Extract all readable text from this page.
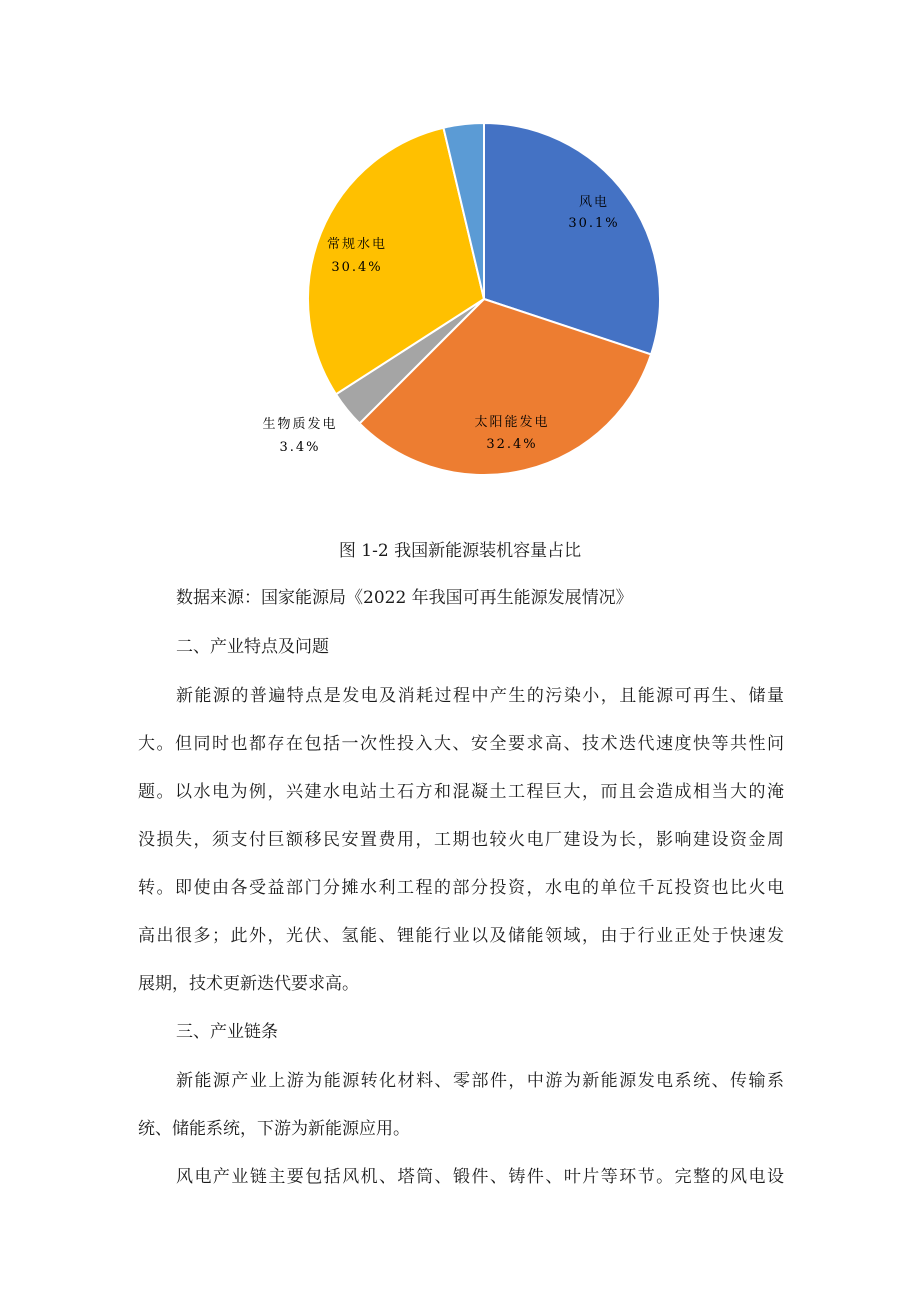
风电
30.1%
太阳能发电
32.4%
生物质发电
3.4%
常规水电
30.4%
图 1-2 我国新能源装机容量占比
数据来源：国家能源局《2022 年我国可再生能源发展情况》
二、产业特点及问题
新能源的普遍特点是发电及消耗过程中产生的污染小，且能源可再生、储量
大。但同时也都存在包括一次性投入大、安全要求高、技术迭代速度快等共性问
题。以水电为例，兴建水电站土石方和混凝土工程巨大，而且会造成相当大的淹
没损失，须支付巨额移民安置费用，工期也较火电厂建设为长，影响建设资金周
转。即使由各受益部门分摊水利工程的部分投资，水电的单位千瓦投资也比火电
高出很多；此外，光伏、氢能、锂能行业以及储能领域，由于行业正处于快速发
展期，技术更新迭代要求高。
三、产业链条
新能源产业上游为能源转化材料、零部件，中游为新能源发电系统、传输系
统、储能系统，下游为新能源应用。
风电产业链主要包括风机、塔筒、锻件、铸件、叶片等环节。完整的风电设
